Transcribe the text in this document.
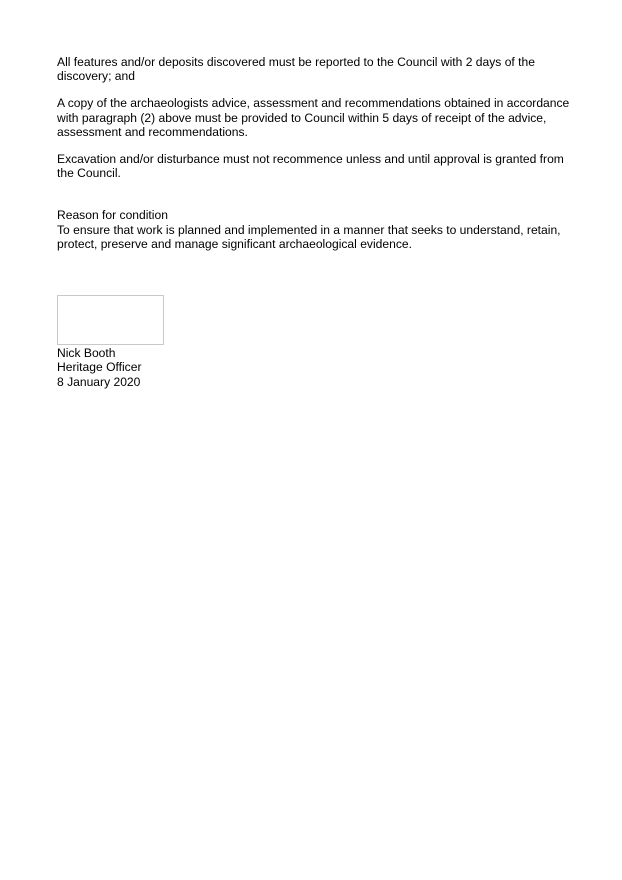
All features and/or deposits discovered must be reported to the Council with 2 days of the discovery; and

A copy of the archaeologists advice, assessment and recommendations obtained in accordance with paragraph (2) above must be provided to Council within 5 days of receipt of the advice, assessment and recommendations.

Excavation and/or disturbance must not recommence unless and until approval is granted from the Council.

Reason for condition

To ensure that work is planned and implemented in a manner that seeks to understand, retain, protect, preserve and manage significant archaeological evidence.

Nick Booth
Heritage Officer
8 January 2020
